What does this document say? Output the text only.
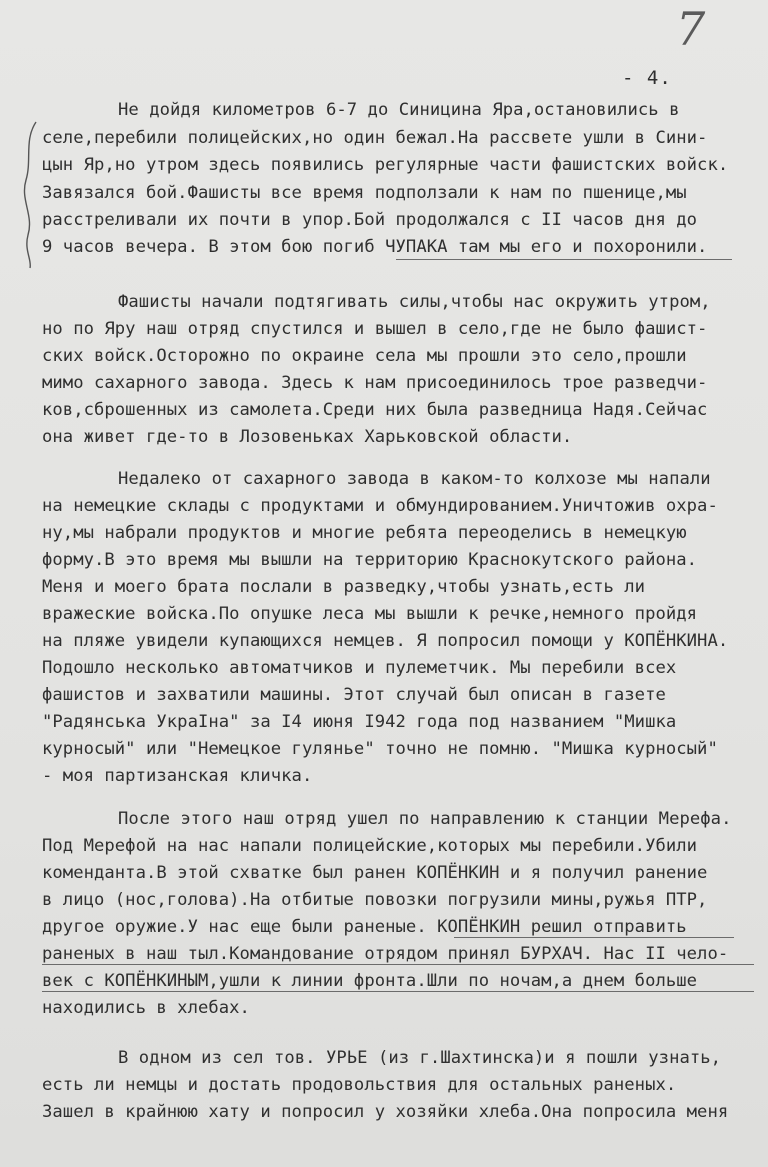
7
- 4.
Не дойдя километров 6-7 до Синицина Яра,остановились в
селе,перебили полицейских,но один бежал.На рассвете ушли в Сини-
цын Яр,но утром здесь появились регулярные части фашистских войск.
Завязался бой.Фашисты все время подползали к нам по пшенице,мы
расстреливали их почти в упор.Бой продолжался с II часов дня до
9 часов вечера. В этом бою погиб ЧУПАКА там мы его и похоронили.
Фашисты начали подтягивать силы,чтобы нас окружить утром,
но по Яру наш отряд спустился и вышел в село,где не было фашист-
ских войск.Осторожно по окраине села мы прошли это село,прошли
мимо сахарного завода. Здесь к нам присоединилось трое разведчи-
ков,сброшенных из самолета.Среди них была разведница Надя.Сейчас
она живет где-то в Лозовеньках Харьковской области.
Недалеко от сахарного завода в каком-то колхозе мы напали
на немецкие склады с продуктами и обмундированием.Уничтожив охра-
ну,мы набрали продуктов и многие ребята переоделись в немецкую
форму.В это время мы вышли на территорию Краснокутского района.
Меня и моего брата послали в разведку,чтобы узнать,есть ли
вражеские войска.По опушке леса мы вышли к речке,немного пройдя
на пляже увидели купающихся немцев. Я попросил помощи у КОПЁНКИНА.
Подошло несколько автоматчиков и пулеметчик. Мы перебили всех
фашистов и захватили машины. Этот случай был описан в газете
"Радянська УкраIна" за I4 июня I942 года под названием "Мишка
курносый" или "Немецкое гулянье" точно не помню. "Мишка курносый"
- моя партизанская кличка.
После этого наш отряд ушел по направлению к станции Мерефа.
Под Мерефой на нас напали полицейские,которых мы перебили.Убили
коменданта.В этой схватке был ранен КОПЁНКИН и я получил ранение
в лицо (нос,голова).На отбитые повозки погрузили мины,ружья ПТР,
другое оружие.У нас еще были раненые. КОПЁНКИН решил отправить
раненых в наш тыл.Командование отрядом принял БУРХАЧ. Нас II чело-
век с КОПЁНКИНЫМ,ушли к линии фронта.Шли по ночам,а днем больше
находились в хлебах.
В одном из сел тов. УРЬЕ (из г.Шахтинска)и я пошли узнать,
есть ли немцы и достать продовольствия для остальных раненых.
Зашел в крайнюю хату и попросил у хозяйки хлеба.Она попросила меня
